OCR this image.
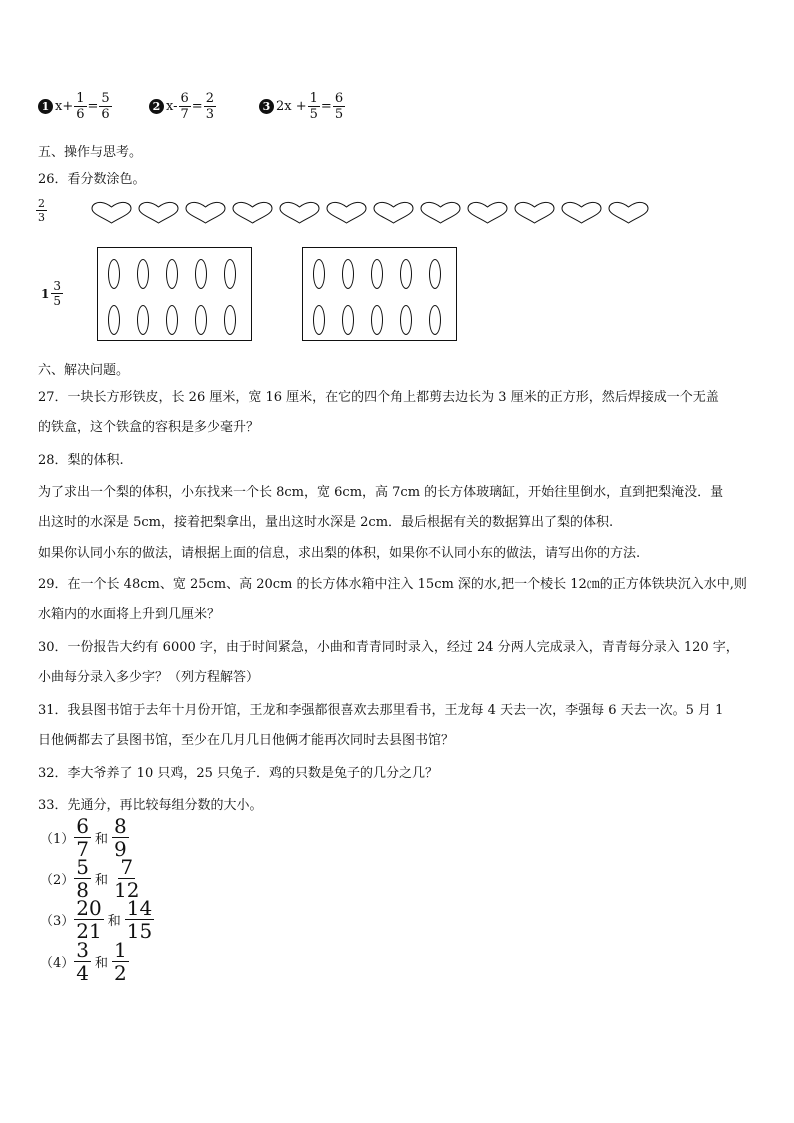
1 $x+ \frac{1}{6} = \frac{5}{6}$	2 $x- \frac{6}{7} = \frac{2}{3}$	3 $2x + \frac{1}{5} = \frac{6}{5}$
五、操作与思考。
26．看分数涂色。
$\frac{2}{3}$
$1 \frac{3}{5}$
六、解决问题。
27．一块长方形铁皮，长 26 厘米，宽 16 厘米，在它的四个角上都剪去边长为 3 厘米的正方形，然后焊接成一个无盖
的铁盒，这个铁盒的容积是多少毫升？
28．梨的体积.
为了求出一个梨的体积，小东找来一个长 8cm，宽 6cm，高 7cm 的长方体玻璃缸，开始往里倒水，直到把梨淹没．量
出这时的水深是 5cm，接着把梨拿出，量出这时水深是 2cm．最后根据有关的数据算出了梨的体积.
如果你认同小东的做法，请根据上面的信息，求出梨的体积，如果你不认同小东的做法，请写出你的方法.
29．在一个长 48cm、宽 25cm、高 20cm 的长方体水箱中注入 15cm 深的水,把一个棱长 12㎝的正方体铁块沉入水中,则
水箱内的水面将上升到几厘米？
30．一份报告大约有 6000 字，由于时间紧急，小曲和青青同时录入，经过 24 分两人完成录入，青青每分录入 120 字，
小曲每分录入多少字？（列方程解答）
31．我县图书馆于去年十月份开馆，王龙和李强都很喜欢去那里看书，王龙每 4 天去一次，李强每 6 天去一次。5 月 1
日他俩都去了县图书馆，至少在几月几日他俩才能再次同时去县图书馆？
32．李大爷养了 10 只鸡，25 只兔子．鸡的只数是兔子的几分之几？
33．先通分，再比较每组分数的大小。
$(1) \frac{6}{7}$ 和 $\frac{8}{9}$
$(2) \frac{5}{8}$ 和 $\frac{7}{12}$
$(3) \frac{20}{21}$ 和 $\frac{14}{15}$
$(4) \frac{3}{4}$ 和 $\frac{1}{2}$
